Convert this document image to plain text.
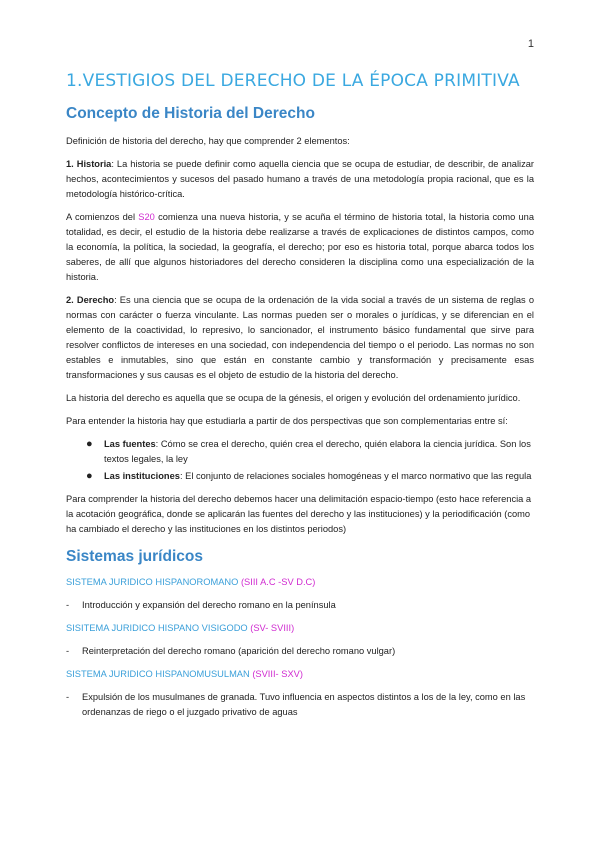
1
1.VESTIGIOS DEL DERECHO DE LA ÉPOCA PRIMITIVA
Concepto de Historia del Derecho

Definición de historia del derecho, hay que comprender 2 elementos:

1. Historia: La historia se puede definir como aquella ciencia que se ocupa de estudiar, de describir, de analizar hechos, acontecimientos y sucesos del pasado humano a través de una metodología propia racional, que es la metodología histórico-crítica.

A comienzos del S20 comienza una nueva historia, y se acuña el término de historia total, la historia como una totalidad, es decir, el estudio de la historia debe realizarse a través de explicaciones de distintos campos, como la economía, la política, la sociedad, la geografía, el derecho; por eso es historia total, porque abarca todos los saberes, de allí que algunos historiadores del derecho consideren la disciplina como una especialización de la historia.

2. Derecho: Es una ciencia que se ocupa de la ordenación de la vida social a través de un sistema de reglas o normas con carácter o fuerza vinculante. Las normas pueden ser o morales o jurídicas, y se diferencian en el elemento de la coactividad, lo represivo, lo sancionador, el instrumento básico fundamental que sirve para resolver conflictos de intereses en una sociedad, con independencia del tiempo o el periodo. Las normas no son estables e inmutables, sino que están en constante cambio y transformación y precisamente esas transformaciones y sus causas es el objeto de estudio de la historia del derecho.

La historia del derecho es aquella que se ocupa de la génesis, el origen y evolución del ordenamiento jurídico.

Para entender la historia hay que estudiarla a partir de dos perspectivas que son complementarias entre sí:

●	Las fuentes: Cómo se crea el derecho, quién crea el derecho, quién elabora la ciencia jurídica. Son los textos legales, la ley
●	Las instituciones: El conjunto de relaciones sociales homogéneas y el marco normativo que las regula

Para comprender la historia del derecho debemos hacer una delimitación espacio-tiempo (esto hace referencia a la acotación geográfica, donde se aplicarán las fuentes del derecho y las instituciones) y la periodificación (como ha cambiado el derecho y las instituciones en los distintos periodos)

Sistemas jurídicos
SISTEMA JURIDICO HISPANOROMANO (SIII A.C -SV D.C)
-	Introducción y expansión del derecho romano en la península
SISITEMA JURIDICO HISPANO VISIGODO (SV- SVIII)
-	Reinterpretación del derecho romano (aparición del derecho romano vulgar)
SISTEMA JURIDICO HISPANOMUSULMAN (SVIII- SXV)
-	Expulsión de los musulmanes de granada. Tuvo influencia en aspectos distintos a los de la ley, como en las ordenanzas de riego o el juzgado privativo de aguas
